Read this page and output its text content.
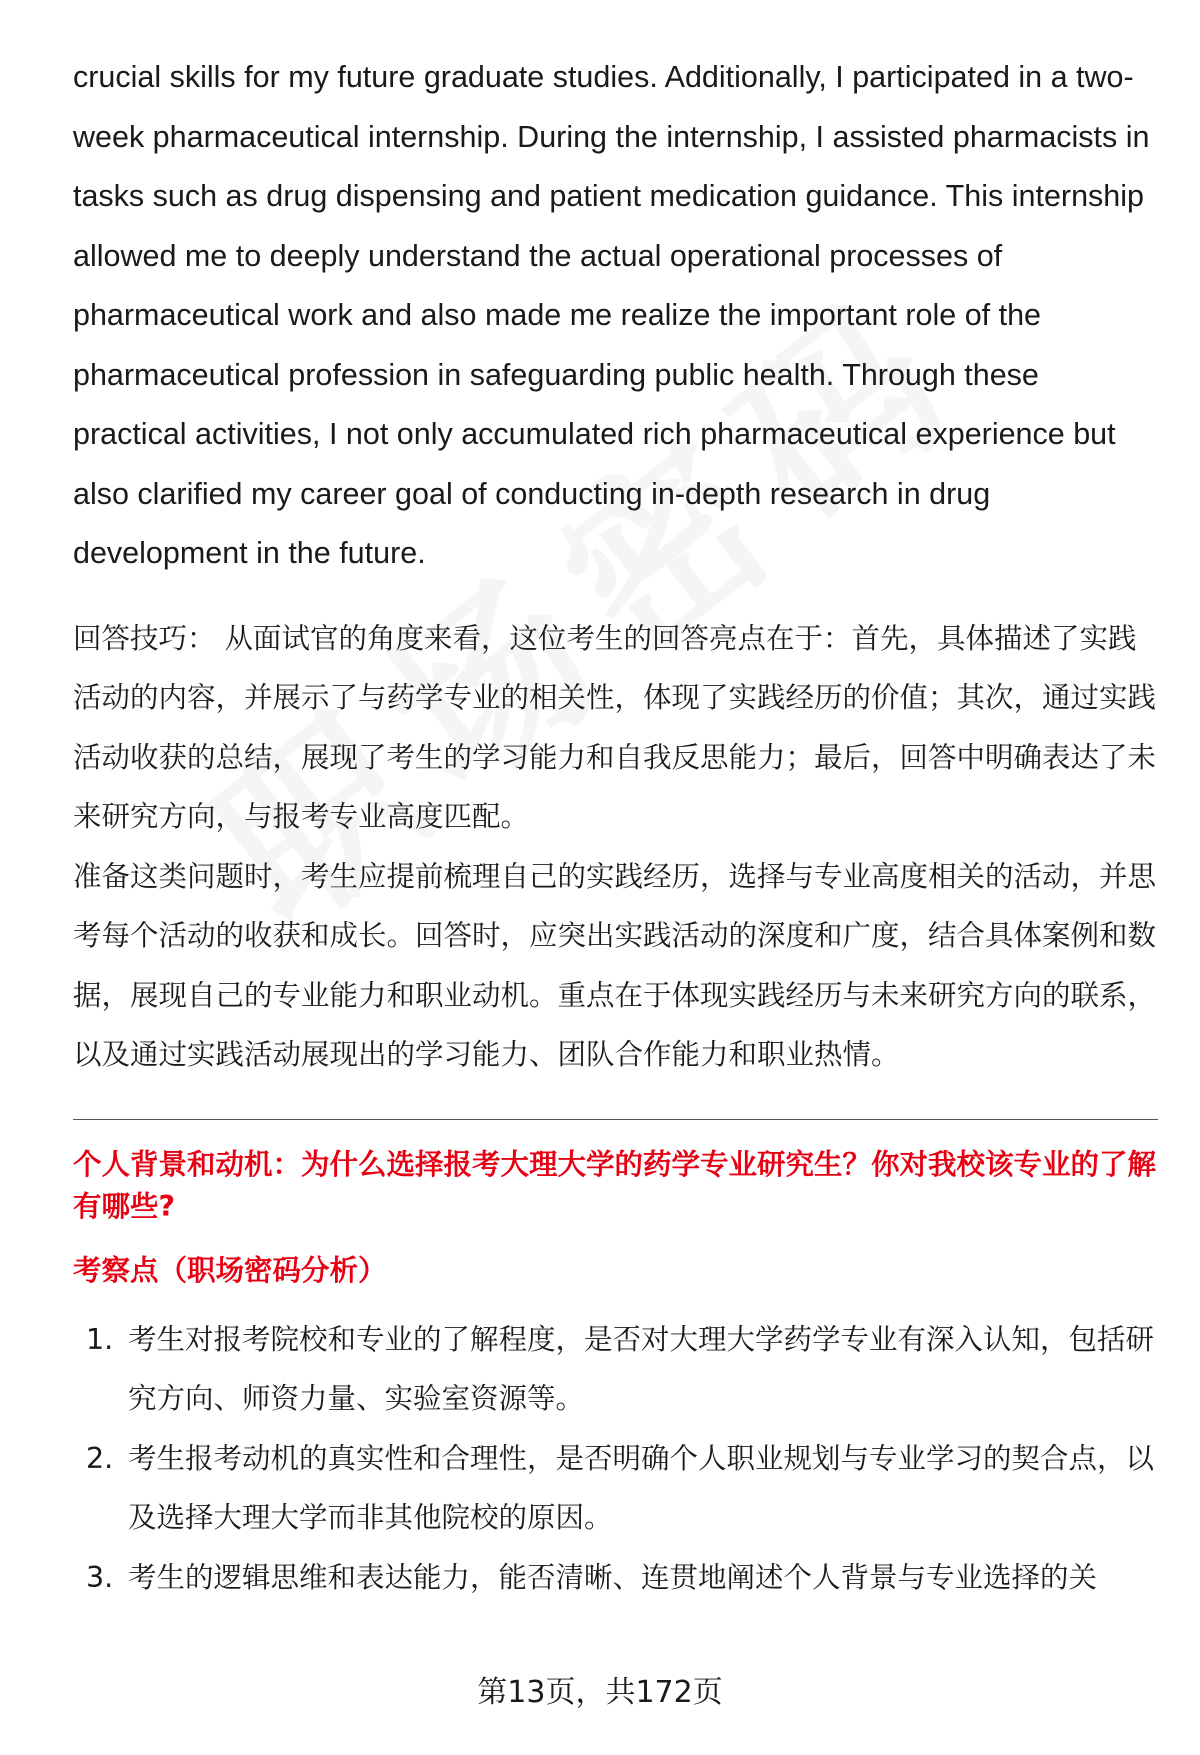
crucial skills for my future graduate studies. Additionally, I participated in a two-week pharmaceutical internship. During the internship, I assisted pharmacists in tasks such as drug dispensing and patient medication guidance. This internship allowed me to deeply understand the actual operational processes of pharmaceutical work and also made me realize the important role of the pharmaceutical profession in safeguarding public health. Through these practical activities, I not only accumulated rich pharmaceutical experience but also clarified my career goal of conducting in-depth research in drug development in the future.

回答技巧： 从面试官的角度来看，这位考生的回答亮点在于：首先，具体描述了实践活动的内容，并展示了与药学专业的相关性，体现了实践经历的价值；其次，通过实践活动收获的总结，展现了考生的学习能力和自我反思能力；最后，回答中明确表达了未来研究方向，与报考专业高度匹配。

准备这类问题时，考生应提前梳理自己的实践经历，选择与专业高度相关的活动，并思考每个活动的收获和成长。回答时，应突出实践活动的深度和广度，结合具体案例和数据，展现自己的专业能力和职业动机。重点在于体现实践经历与未来研究方向的联系，以及通过实践活动展现出的学习能力、团队合作能力和职业热情。

个人背景和动机：为什么选择报考大理大学的药学专业研究生？你对我校该专业的了解有哪些?

考察点（职场密码分析）

1. 考生对报考院校和专业的了解程度，是否对大理大学药学专业有深入认知，包括研究方向、师资力量、实验室资源等。
2. 考生报考动机的真实性和合理性，是否明确个人职业规划与专业学习的契合点，以及选择大理大学而非其他院校的原因。
3. 考生的逻辑思维和表达能力，能否清晰、连贯地阐述个人背景与专业选择的关
第13页，共172页
